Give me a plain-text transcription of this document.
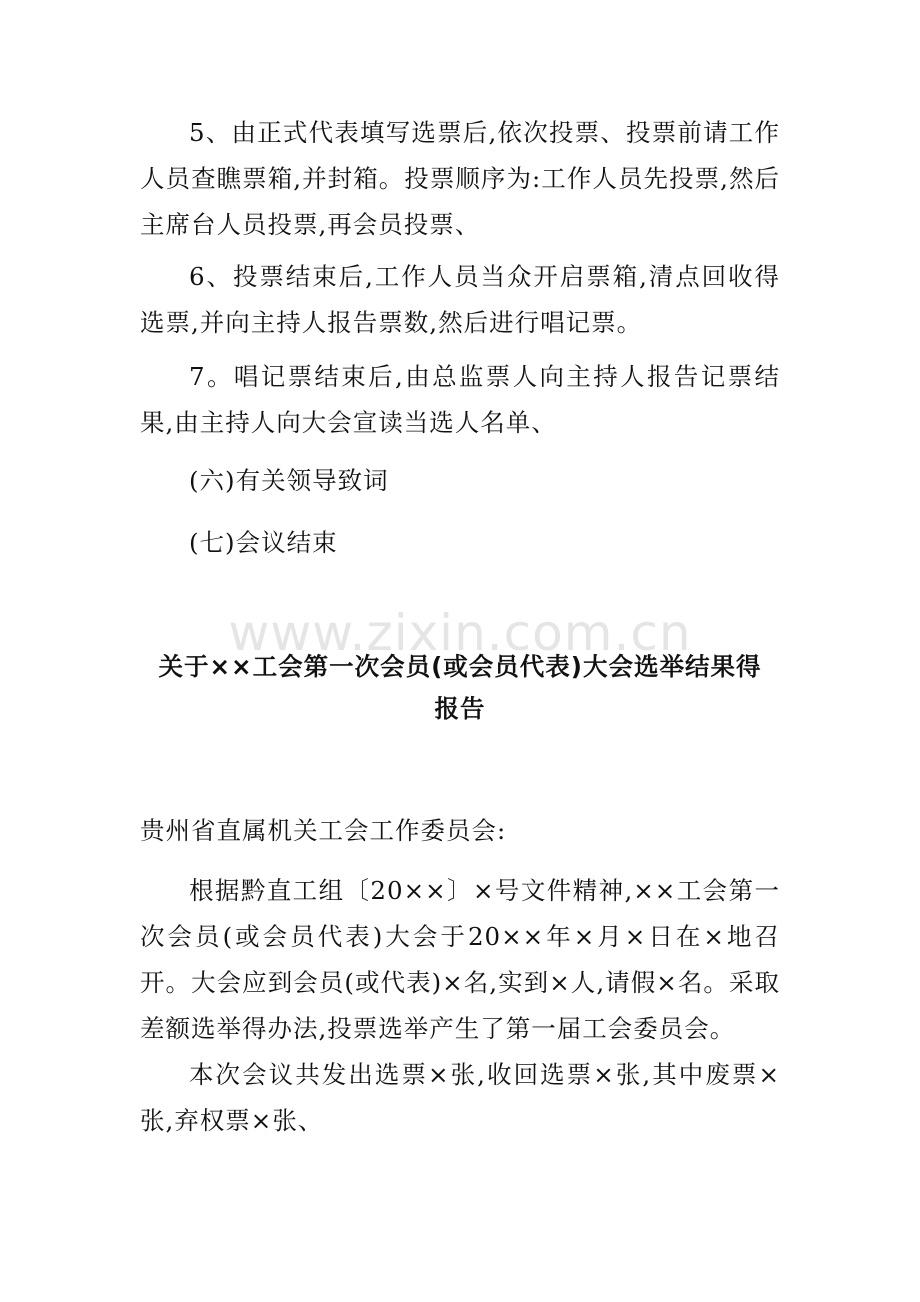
5、由正式代表填写选票后,依次投票、投票前请工作人员查瞧票箱,并封箱。投票顺序为:工作人员先投票,然后主席台人员投票,再会员投票、

6、投票结束后,工作人员当众开启票箱,清点回收得选票,并向主持人报告票数,然后进行唱记票。

7。唱记票结束后,由总监票人向主持人报告记票结果,由主持人向大会宣读当选人名单、

(六)有关领导致词

(七)会议结束

www.zixin.com.cn

关于××工会第一次会员(或会员代表)大会选举结果得

报告

贵州省直属机关工会工作委员会:

根据黔直工组〔20××〕×号文件精神,××工会第一次会员(或会员代表)大会于20××年×月×日在×地召开。大会应到会员(或代表)×名,实到×人,请假×名。采取差额选举得办法,投票选举产生了第一届工会委员会。

本次会议共发出选票×张,收回选票×张,其中废票×张,弃权票×张、
